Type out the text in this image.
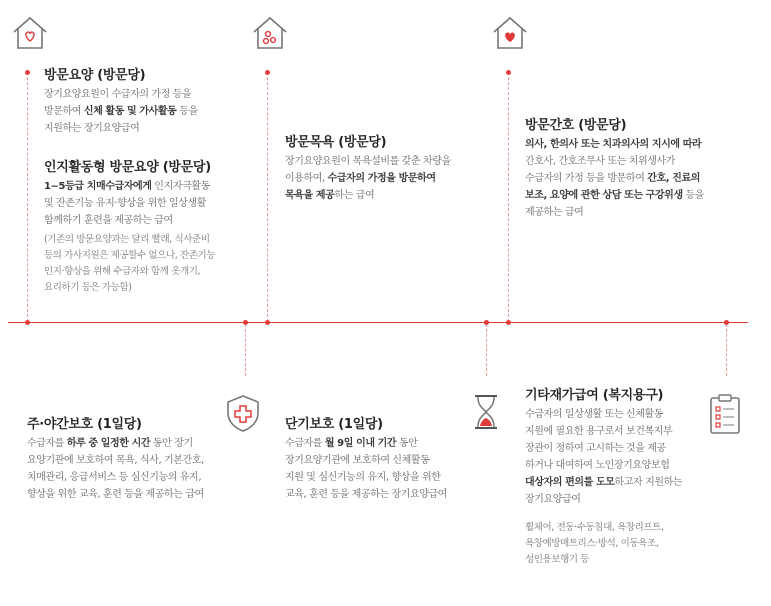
방문요양 (방문당)
장기요양요원이 수급자의 가정 등을
방문하여 신체 활동 및 가사활동 등을
지원하는 장기요양급여
인지활동형 방문요양 (방문당)
1~5등급 치매수급자에게 인지자극활동
및 잔존기능 유지·향상을 위한 일상생활
함께하기 훈련을 제공하는 급여
(기존의 방문요양과는 달리 빨래, 식사준비
등의 가사지원은 제공할수 없으나, 잔존기능
인지·향상을 위해 수급자와 함께 옷개기,
요리하기 등은 가능함)
방문목욕 (방문당)
장기요양요원이 목욕설비를 갖춘 차량을
이용하여, 수급자의 가정을 방문하여
목욕을 제공하는 급여
방문간호 (방문당)
의사, 한의사 또는 치과의사의 지시에 따라
간호사, 간호조무사 또는 치위생사가
수급자의 가정 등을 방문하여 간호, 진료의
보조, 요양에 관한 상담 또는 구강위생 등을
제공하는 급여
주·야간보호 (1일당)
수급자를 하루 중 일정한 시간 동안 장기
요양기관에 보호하여 목욕, 식사, 기본간호,
치매관리, 응급서비스 등 심신기능의 유지,
향상을 위한 교육, 훈련 등을 제공하는 급여
단기보호 (1일당)
수급자를 월 9일 이내 기간 동안
장기요양기관에 보호하여 신체활동
지원 및 심신기능의 유지, 향상을 위한
교육, 훈련 등을 제공하는 장기요양급여
기타재가급여 (복지용구)
수급자의 일상생활 또는 신체활동
지원에 필요한 용구로서 보건복지부
장관이 정하여 고시하는 것을 제공
하거나 대여하여 노인장기요양보험
대상자의 편의를 도모하고자 지원하는
장기요양급여
휠체어, 전동·수동침대, 욕창리프트,
욕창예방매트리스·방석, 이동욕조,
성인용보행기 등
